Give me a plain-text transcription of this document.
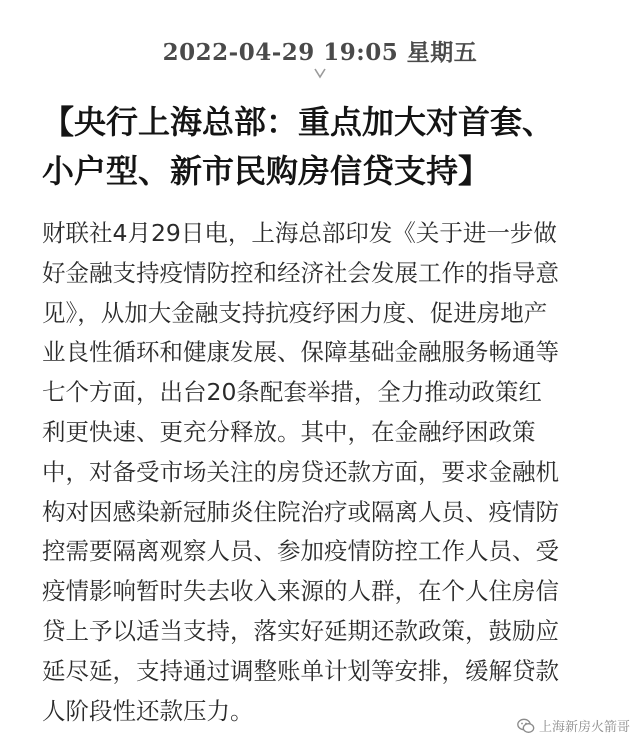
2022-04-29 19:05 星期五
【央行上海总部：重点加大对首套、
小户型、新市民购房信贷支持】
财联社4月29日电，上海总部印发《关于进一步做
好金融支持疫情防控和经济社会发展工作的指导意
见》，从加大金融支持抗疫纾困力度、促进房地产
业良性循环和健康发展、保障基础金融服务畅通等
七个方面，出台20条配套举措，全力推动政策红
利更快速、更充分释放。其中，在金融纾困政策
中，对备受市场关注的房贷还款方面，要求金融机
构对因感染新冠肺炎住院治疗或隔离人员、疫情防
控需要隔离观察人员、参加疫情防控工作人员、受
疫情影响暂时失去收入来源的人群，在个人住房信
贷上予以适当支持，落实好延期还款政策，鼓励应
延尽延，支持通过调整账单计划等安排，缓解贷款
人阶段性还款压力。
上海新房火箭哥
